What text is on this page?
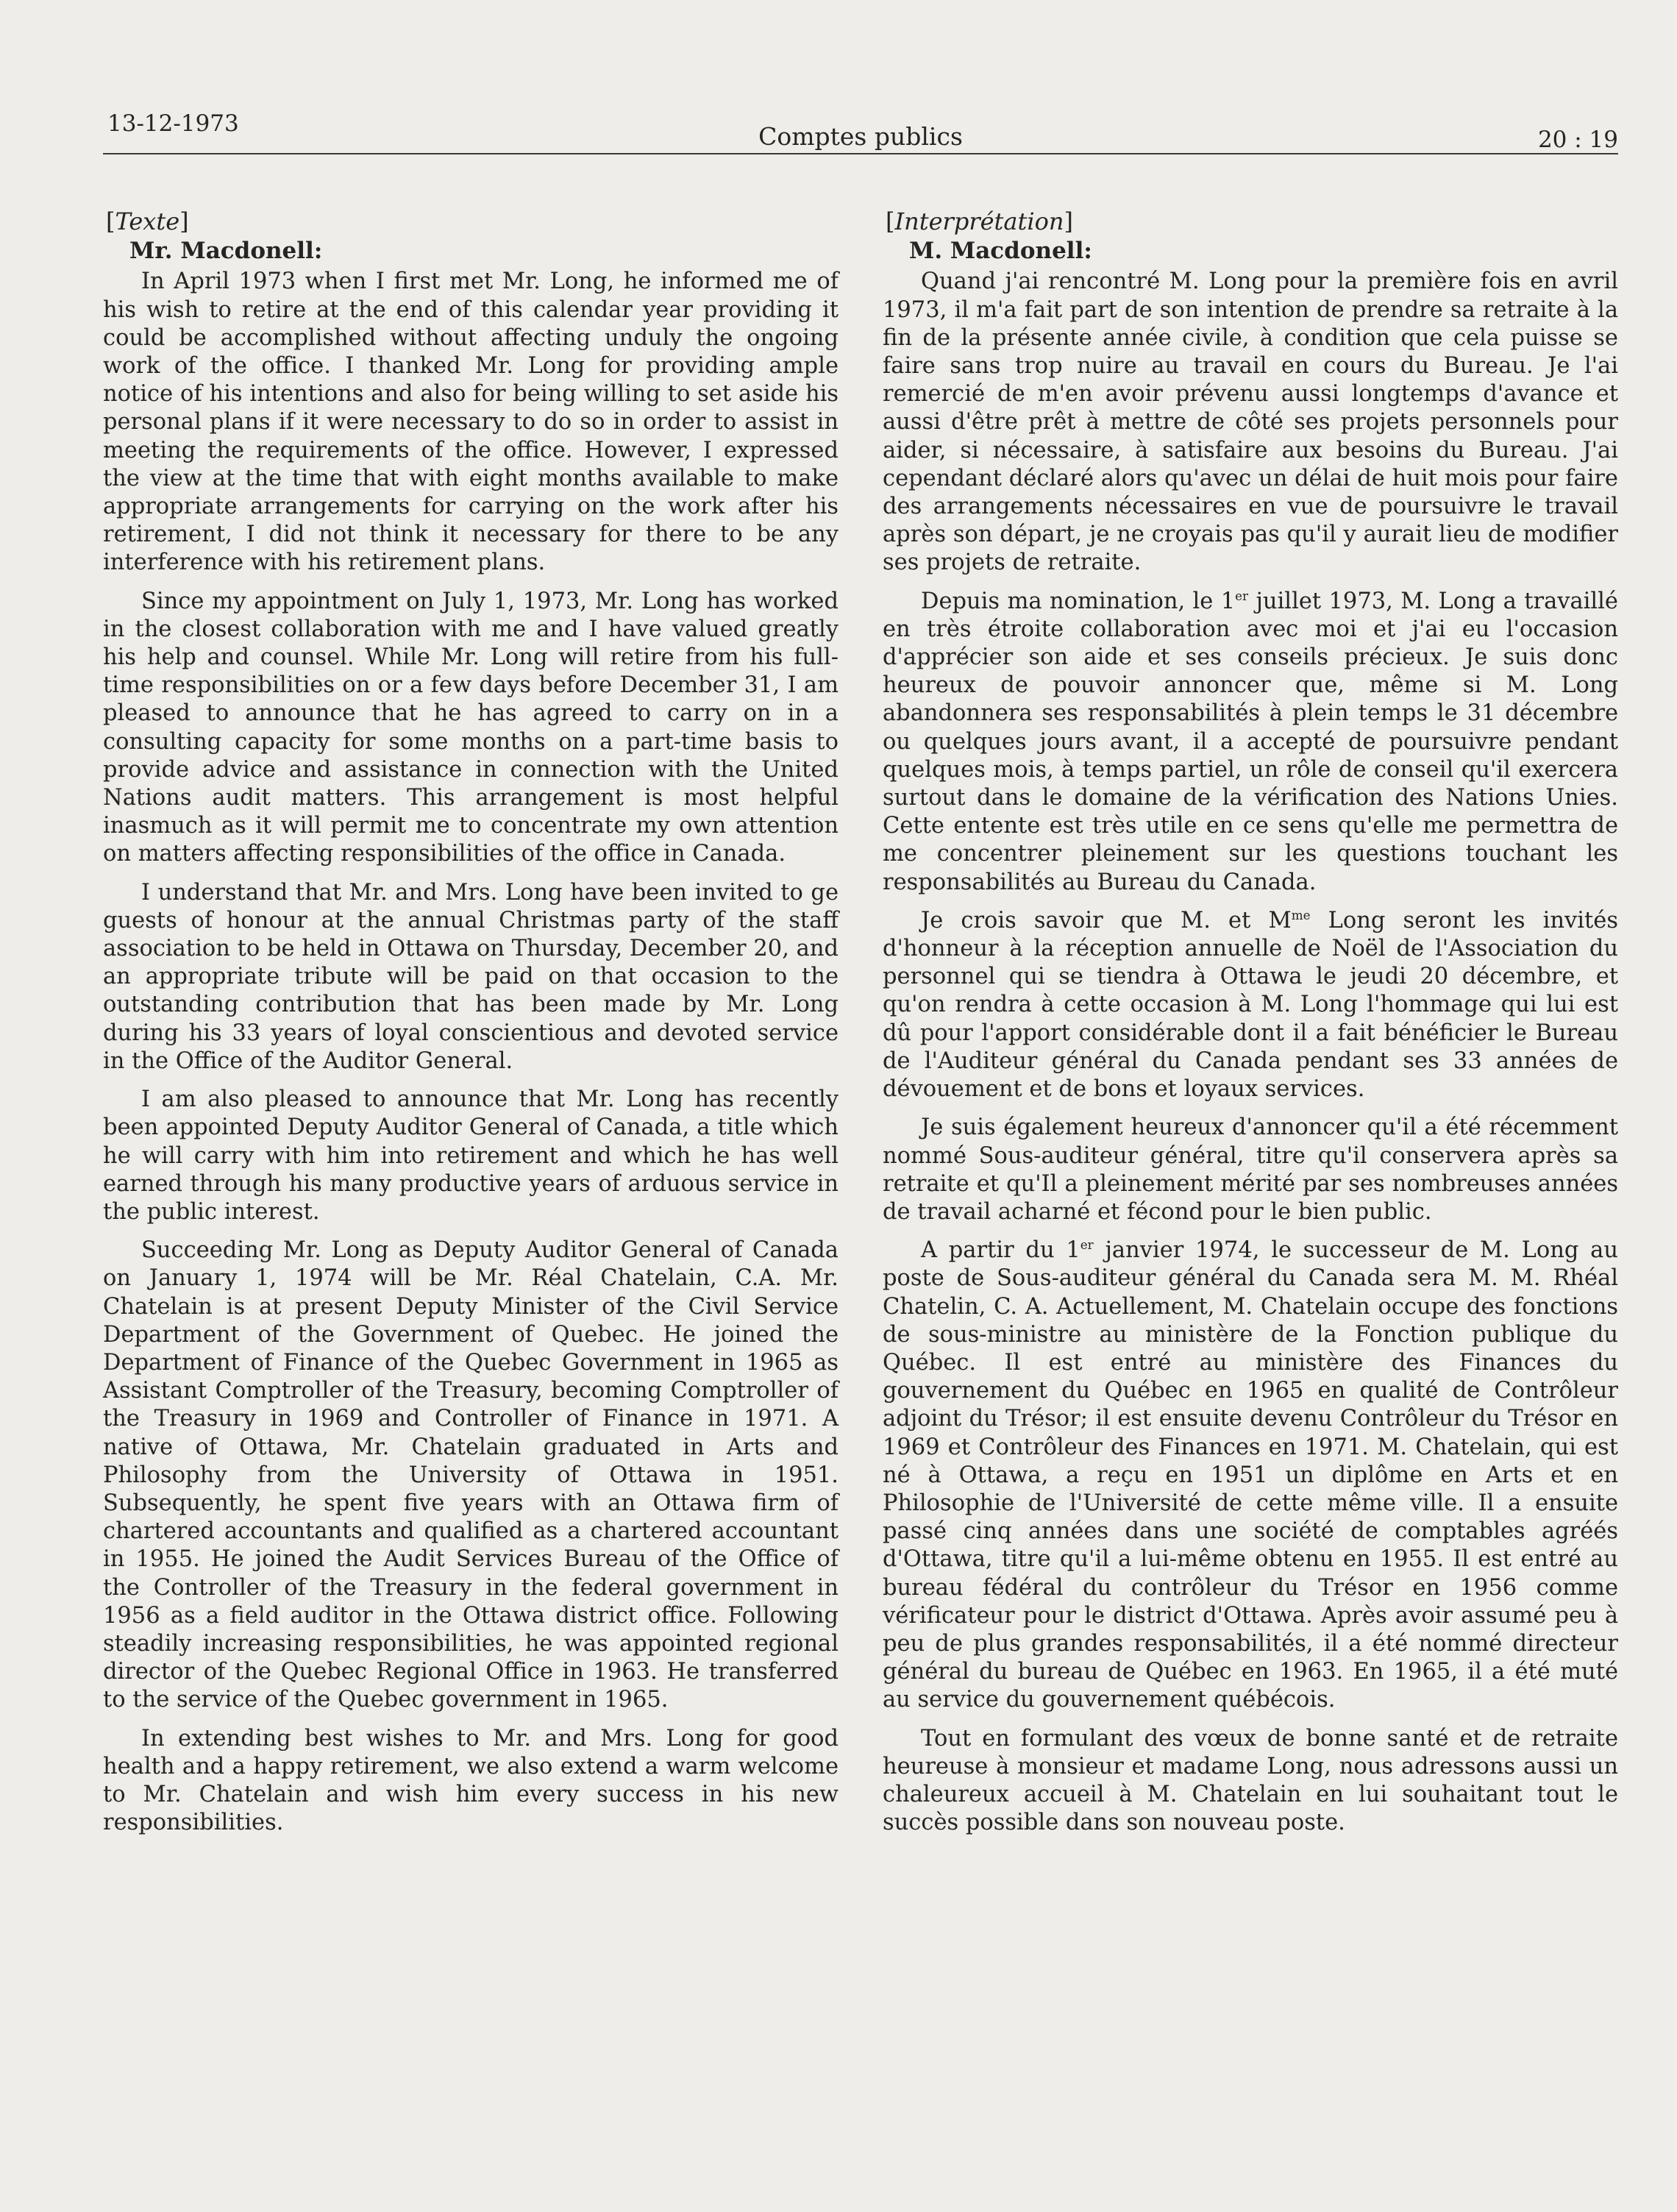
13-12-1973	Comptes publics	20 : 19
[Texte]
Mr. Macdonell:

In April 1973 when I first met Mr. Long, he informed me of his wish to retire at the end of this calendar year providing it could be accomplished without affecting unduly the ongoing work of the office. I thanked Mr. Long for providing ample notice of his intentions and also for being willing to set aside his personal plans if it were necessary to do so in order to assist in meeting the requirements of the office. However, I expressed the view at the time that with eight months available to make appropriate arrangements for carrying on the work after his retirement, I did not think it necessary for there to be any interference with his retirement plans.

Since my appointment on July 1, 1973, Mr. Long has worked in the closest collaboration with me and I have valued greatly his help and counsel. While Mr. Long will retire from his full-time responsibilities on or a few days before December 31, I am pleased to announce that he has agreed to carry on in a consulting capacity for some months on a part-time basis to provide advice and assistance in connection with the United Nations audit matters. This arrangement is most helpful inasmuch as it will permit me to concentrate my own attention on matters affecting responsibilities of the office in Canada.

I understand that Mr. and Mrs. Long have been invited to ge guests of honour at the annual Christmas party of the staff association to be held in Ottawa on Thursday, December 20, and an appropriate tribute will be paid on that occasion to the outstanding contribution that has been made by Mr. Long during his 33 years of loyal conscientious and devoted service in the Office of the Auditor General.

I am also pleased to announce that Mr. Long has recently been appointed Deputy Auditor General of Canada, a title which he will carry with him into retirement and which he has well earned through his many productive years of arduous service in the public interest.

Succeeding Mr. Long as Deputy Auditor General of Canada on January 1, 1974 will be Mr. Réal Chatelain, C.A. Mr. Chatelain is at present Deputy Minister of the Civil Service Department of the Government of Quebec. He joined the Department of Finance of the Quebec Government in 1965 as Assistant Comptroller of the Treasury, becoming Comptroller of the Treasury in 1969 and Controller of Finance in 1971. A native of Ottawa, Mr. Chatelain graduated in Arts and Philosophy from the University of Ottawa in 1951. Subsequently, he spent five years with an Ottawa firm of chartered accountants and qualified as a chartered accountant in 1955. He joined the Audit Services Bureau of the Office of the Controller of the Treasury in the federal government in 1956 as a field auditor in the Ottawa district office. Following steadily increasing responsibilities, he was appointed regional director of the Quebec Regional Office in 1963. He transferred to the service of the Quebec government in 1965.

In extending best wishes to Mr. and Mrs. Long for good health and a happy retirement, we also extend a warm welcome to Mr. Chatelain and wish him every success in his new responsibilities.

[Interprétation]
M. Macdonell:

Quand j'ai rencontré M. Long pour la première fois en avril 1973, il m'a fait part de son intention de prendre sa retraite à la fin de la présente année civile, à condition que cela puisse se faire sans trop nuire au travail en cours du Bureau. Je l'ai remercié de m'en avoir prévenu aussi longtemps d'avance et aussi d'être prêt à mettre de côté ses projets personnels pour aider, si nécessaire, à satisfaire aux besoins du Bureau. J'ai cependant déclaré alors qu'avec un délai de huit mois pour faire des arrangements nécessaires en vue de poursuivre le travail après son départ, je ne croyais pas qu'il y aurait lieu de modifier ses projets de retraite.

Depuis ma nomination, le 1er juillet 1973, M. Long a travaillé en très étroite collaboration avec moi et j'ai eu l'occasion d'apprécier son aide et ses conseils précieux. Je suis donc heureux de pouvoir annoncer que, même si M. Long abandonnera ses responsabilités à plein temps le 31 décembre ou quelques jours avant, il a accepté de poursuivre pendant quelques mois, à temps partiel, un rôle de conseil qu'il exercera surtout dans le domaine de la vérification des Nations Unies. Cette entente est très utile en ce sens qu'elle me permettra de me concentrer pleinement sur les questions touchant les responsabilités au Bureau du Canada.

Je crois savoir que M. et $M^{me}$ Long seront les invités d'honneur à la réception annuelle de Noël de l'Association du personnel qui se tiendra à Ottawa le jeudi 20 décembre, et qu'on rendra à cette occasion à M. Long l'hommage qui lui est dû pour l'apport considérable dont il a fait bénéficier le Bureau de l'Auditeur général du Canada pendant ses 33 années de dévouement et de bons et loyaux services.

Je suis également heureux d'annoncer qu'il a été récemment nommé Sous-auditeur général, titre qu'il conservera après sa retraite et qu'Il a pleinement mérité par ses nombreuses années de travail acharné et fécond pour le bien public.

A partir du 1er janvier 1974, le successeur de M. Long au poste de Sous-auditeur général du Canada sera M. M. Rhéal Chatelin, C. A. Actuellement, M. Chatelain occupe des fonctions de sous-ministre au ministère de la Fonction publique du Québec. Il est entré au ministère des Finances du gouvernement du Québec en 1965 en qualité de Contrôleur adjoint du Trésor; il est ensuite devenu Contrôleur du Trésor en 1969 et Contrôleur des Finances en 1971. M. Chatelain, qui est né à Ottawa, a reçu en 1951 un diplôme en Arts et en Philosophie de l'Université de cette même ville. Il a ensuite passé cinq années dans une société de comptables agréés d'Ottawa, titre qu'il a lui-même obtenu en 1955. Il est entré au bureau fédéral du contrôleur du Trésor en 1956 comme vérificateur pour le district d'Ottawa. Après avoir assumé peu à peu de plus grandes responsabilités, il a été nommé directeur général du bureau de Québec en 1963. En 1965, il a été muté au service du gouvernement québécois.

Tout en formulant des vœux de bonne santé et de retraite heureuse à monsieur et madame Long, nous adressons aussi un chaleureux accueil à M. Chatelain en lui souhaitant tout le succès possible dans son nouveau poste.
